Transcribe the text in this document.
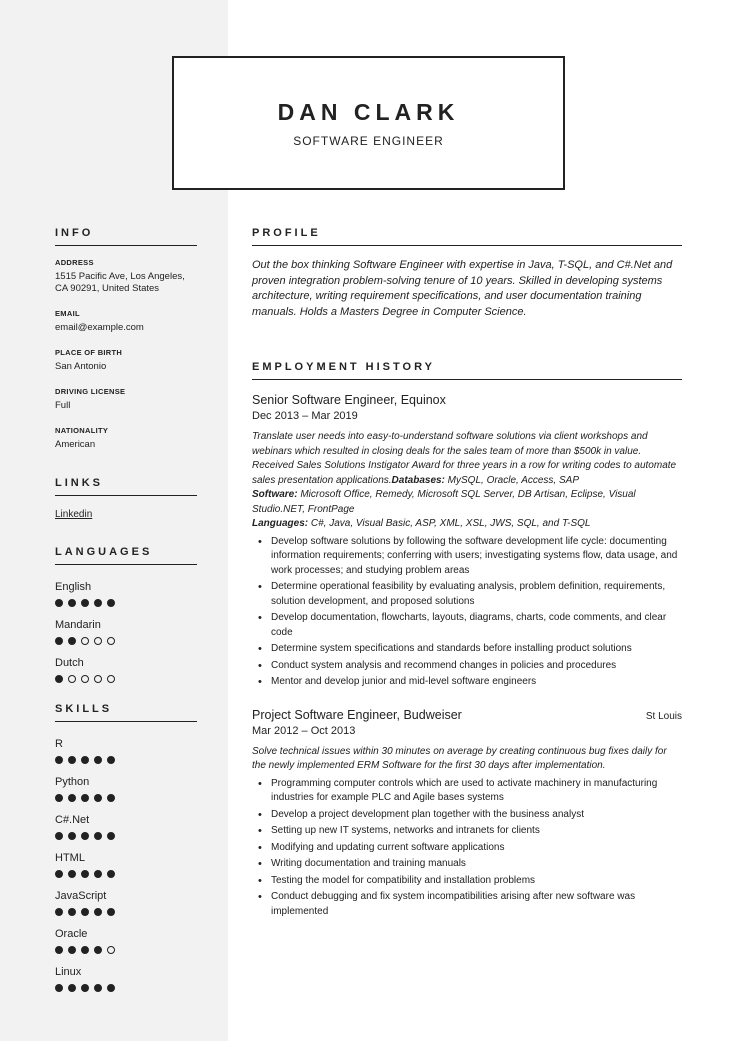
DAN CLARK
SOFTWARE ENGINEER
INFO
ADDRESS
1515 Pacific Ave, Los Angeles, CA 90291, United States
EMAIL
email@example.com
PLACE OF BIRTH
San Antonio
DRIVING LICENSE
Full
NATIONALITY
American
LINKS
Linkedin
LANGUAGES
English
Mandarin
Dutch
SKILLS
R
Python
C#.Net
HTML
JavaScript
Oracle
Linux
PROFILE
Out the box thinking Software Engineer with expertise in Java, T-SQL, and C#.Net and proven integration problem-solving tenure of 10 years. Skilled in developing systems architecture, writing requirement specifications, and user documentation training manuals. Holds a Masters Degree in Computer Science.
EMPLOYMENT HISTORY
Senior Software Engineer, Equinox
Dec 2013 – Mar 2019
Translate user needs into easy-to-understand software solutions via client workshops and webinars which resulted in closing deals for the sales team of more than $500k in value. Received Sales Solutions Instigator Award for three years in a row for writing codes to automate sales presentation applications.Databases: MySQL, Oracle, Access, SAP
Software: Microsoft Office, Remedy, Microsoft SQL Server, DB Artisan, Eclipse, Visual Studio.NET, FrontPage
Languages: C#, Java, Visual Basic, ASP, XML, XSL, JWS, SQL, and T-SQL
• Develop software solutions by following the software development life cycle: documenting information requirements; conferring with users; investigating systems flow, data usage, and work processes; and studying problem areas
• Determine operational feasibility by evaluating analysis, problem definition, requirements, solution development, and proposed solutions
• Develop documentation, flowcharts, layouts, diagrams, charts, code comments, and clear code
• Determine system specifications and standards before installing product solutions
• Conduct system analysis and recommend changes in policies and procedures
• Mentor and develop junior and mid-level software engineers
Project Software Engineer, Budweiser	St Louis
Mar 2012 – Oct 2013
Solve technical issues within 30 minutes on average by creating continuous bug fixes daily for the newly implemented ERM Software for the first 30 days after implementation.
• Programming computer controls which are used to activate machinery in manufacturing industries for example PLC and Agile bases systems
• Develop a project development plan together with the business analyst
• Setting up new IT systems, networks and intranets for clients
• Modifying and updating current software applications
• Writing documentation and training manuals
• Testing the model for compatibility and installation problems
• Conduct debugging and fix system incompatibilities arising after new software was implemented
